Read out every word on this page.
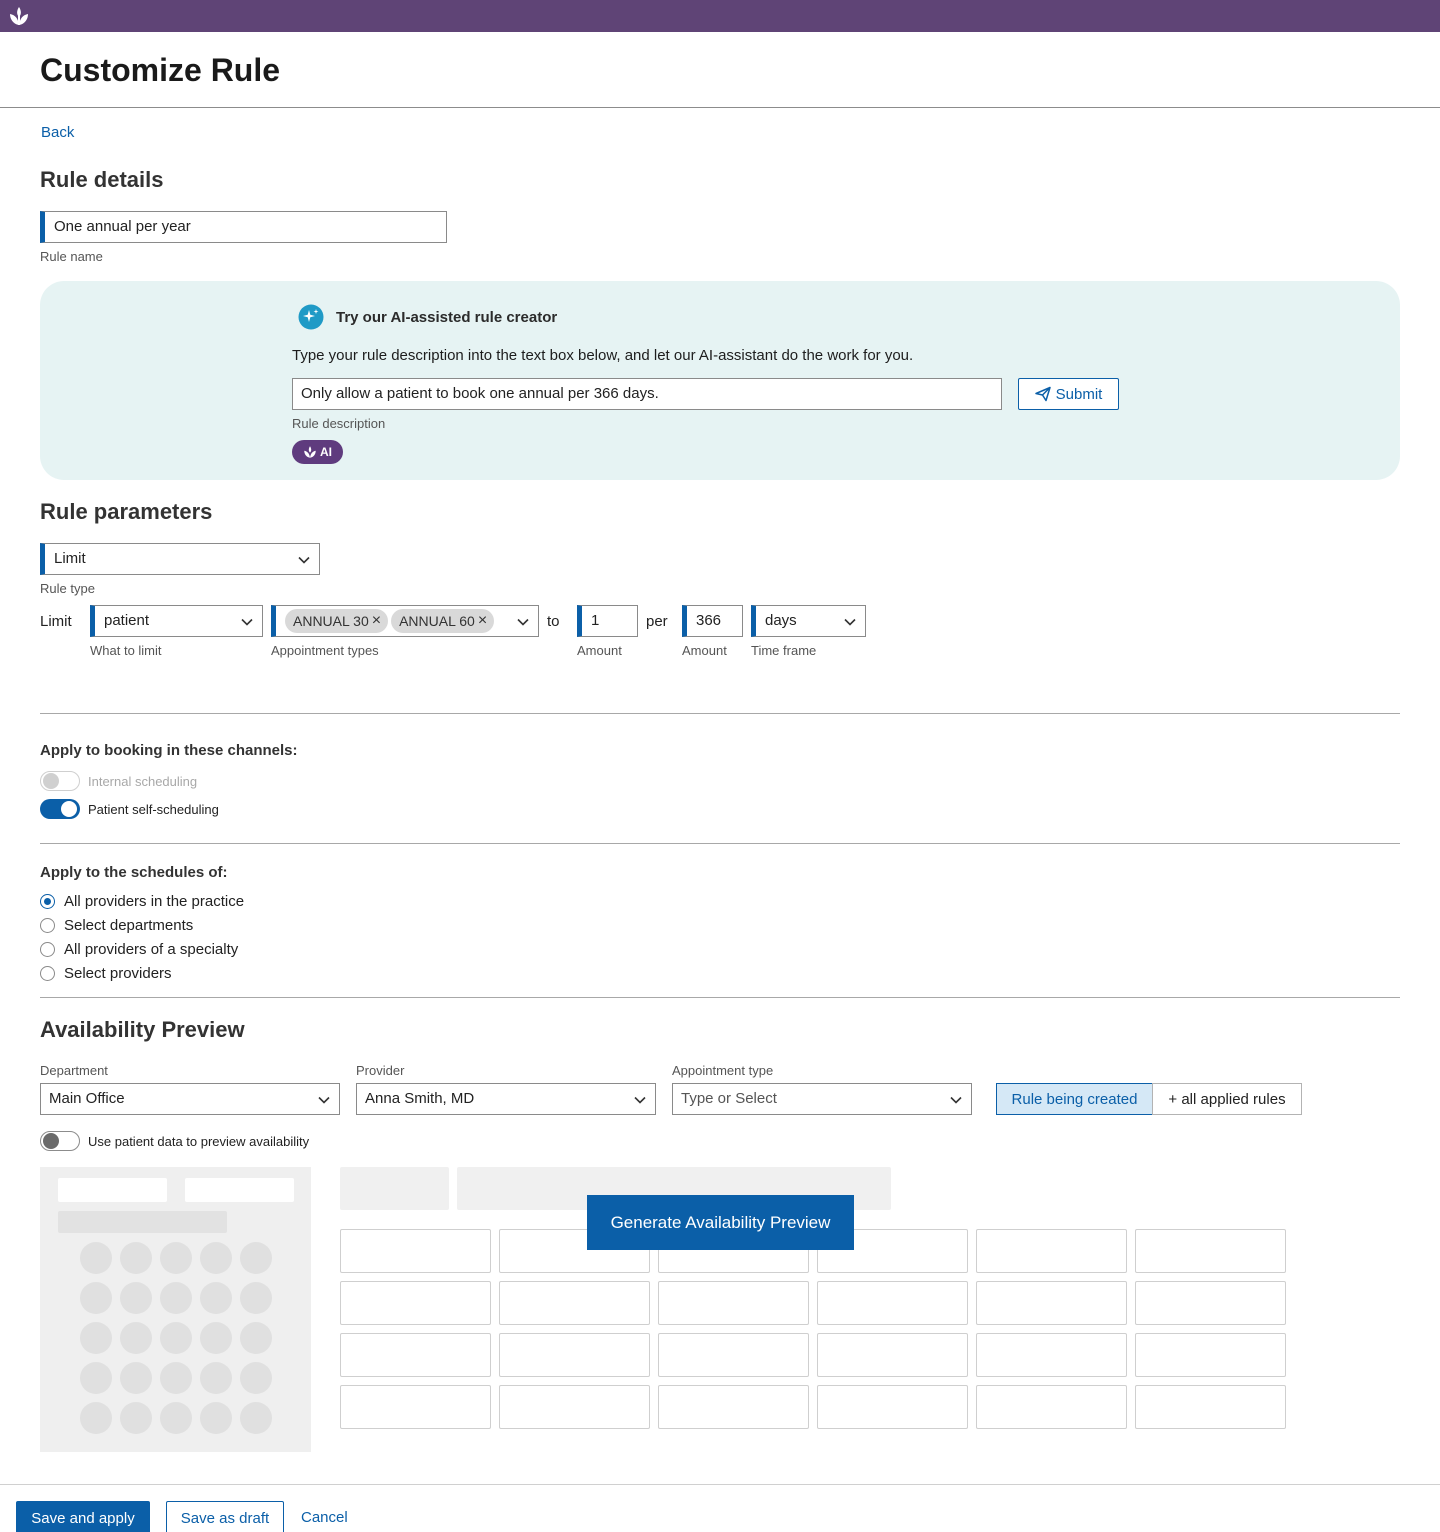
Customize Rule
Back
Rule details
One annual per year
Rule name
Try our AI-assisted rule creator
Type your rule description into the text box below, and let our AI-assistant do the work for you.
Only allow a patient to book one annual per 366 days.	Submit
Rule description
AI
Rule parameters
Limit
Rule type
Limit	patient
What to limit
ANNUAL 30 × ANNUAL 60 ×
Appointment types
to	1
Amount
per	366
Amount
days
Time frame
Apply to booking in these channels:
Internal scheduling
Patient self-scheduling
Apply to the schedules of:
All providers in the practice
Select departments
All providers of a specialty
Select providers
Availability Preview
Department
Main Office
Provider
Anna Smith, MD
Appointment type
Type or Select	Rule being created	+ all applied rules
Use patient data to preview availability
Generate Availability Preview
Save and apply	Save as draft	Cancel
